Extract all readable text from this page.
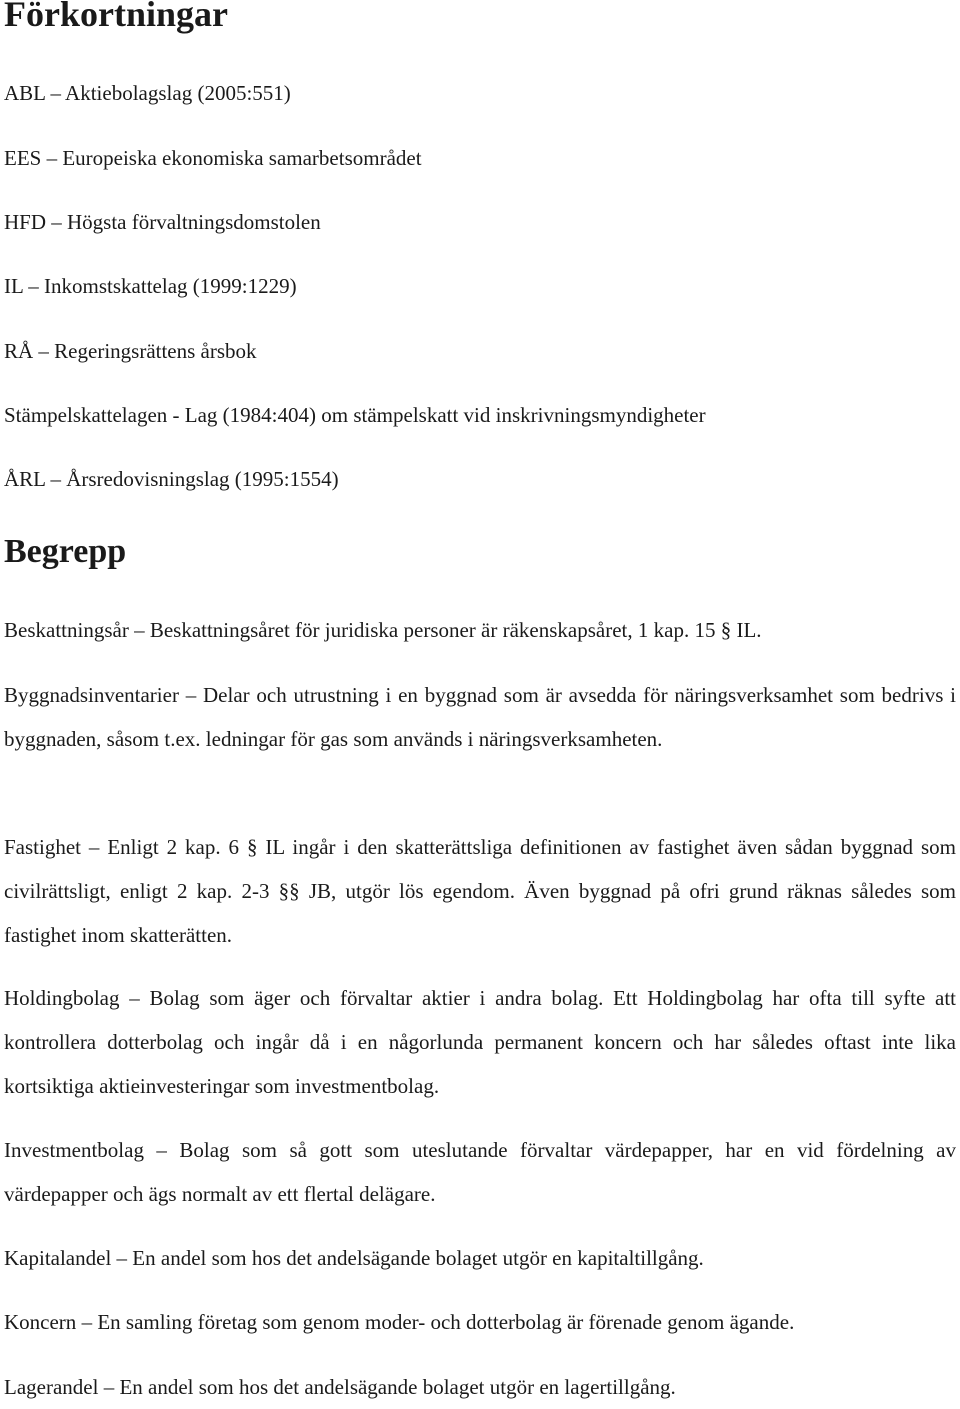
Förkortningar
ABL – Aktiebolagslag (2005:551)
EES – Europeiska ekonomiska samarbetsområdet
HFD – Högsta förvaltningsdomstolen
IL – Inkomstskattelag (1999:1229)
RÅ – Regeringsrättens årsbok
Stämpelskattelagen - Lag (1984:404) om stämpelskatt vid inskrivningsmyndigheter
ÅRL – Årsredovisningslag (1995:1554)
Begrepp
Beskattningsår – Beskattningsåret för juridiska personer är räkenskapsåret, 1 kap. 15 § IL.
Byggnadsinventarier – Delar och utrustning i en byggnad som är avsedda för näringsverksamhet som bedrivs i byggnaden, såsom t.ex. ledningar för gas som används i näringsverksamheten.
Fastighet – Enligt 2 kap. 6 § IL ingår i den skatterättsliga definitionen av fastighet även sådan byggnad som civilrättsligt, enligt 2 kap. 2-3 §§ JB, utgör lös egendom. Även byggnad på ofri grund räknas således som fastighet inom skatterätten.
Holdingbolag – Bolag som äger och förvaltar aktier i andra bolag. Ett Holdingbolag har ofta till syfte att kontrollera dotterbolag och ingår då i en någorlunda permanent koncern och har således oftast inte lika kortsiktiga aktieinvesteringar som investmentbolag.
Investmentbolag – Bolag som så gott som uteslutande förvaltar värdepapper, har en vid fördelning av värdepapper och ägs normalt av ett flertal delägare.
Kapitalandel – En andel som hos det andelsägande bolaget utgör en kapitaltillgång.
Koncern – En samling företag som genom moder- och dotterbolag är förenade genom ägande.
Lagerandel – En andel som hos det andelsägande bolaget utgör en lagertillgång.
